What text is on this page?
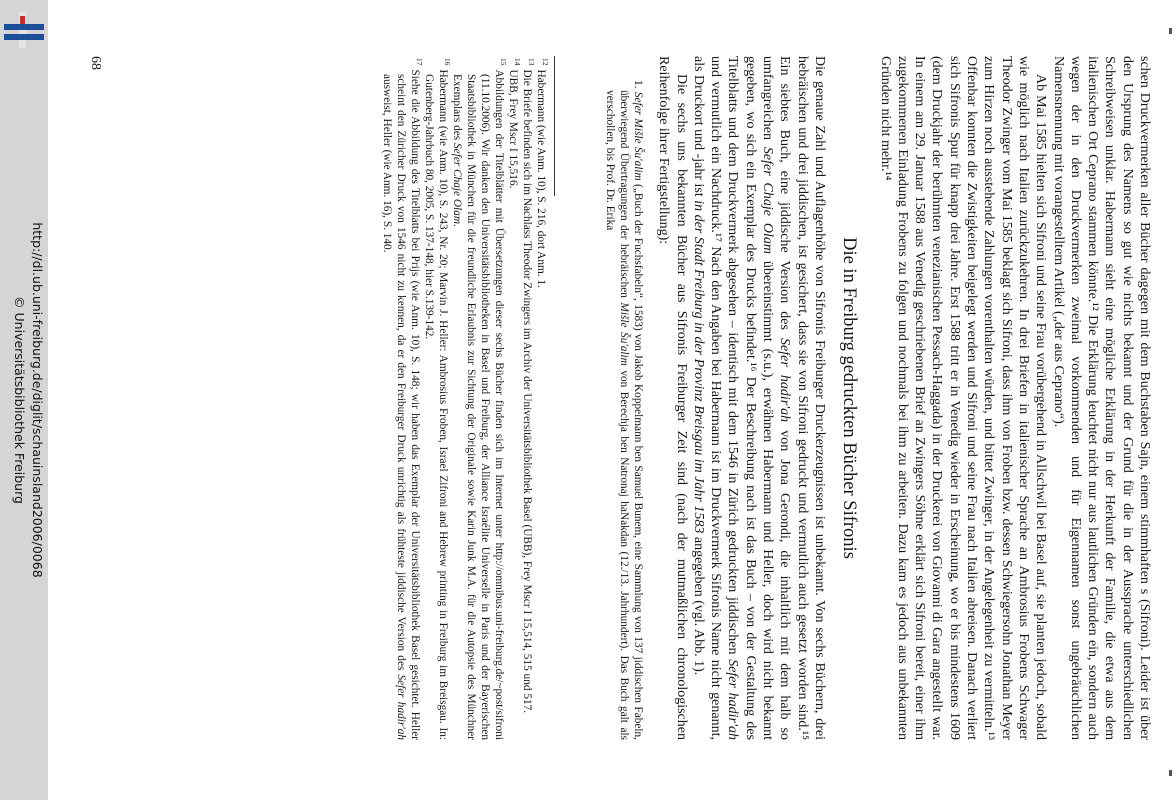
http://dl.ub.uni-freiburg.de/diglit/schauinsland2006/0068
© Universitätsbibliothek Freiburg	schen Druckvermerken aller Bücher dagegen mit dem Buchstaben Sajn, einem stimmhaften s (Sifroni). Leider ist über den Ursprung des Namens so gut wie nichts bekannt und der Grund für die in der Aussprache unterschiedlichen Schreibweisen unklar. Habermann sieht eine mögliche Erklärung in der Herkunft der Familie, die etwa aus dem italienischen Ort Ceprano stammen könnte.¹² Die Erklärung leuchtet nicht nur aus lautlichen Gründen ein, sondern auch wegen der in den Druckvermerken zweimal vorkommenden und für Eigennamen sonst ungebräuchlichen Namensnennung mit vorangestelltem Artikel („der aus Ceprano“).

Ab Mai 1585 hielten sich Sifroni und seine Frau vorübergehend in Allschwil bei Basel auf, sie planten jedoch, sobald wie möglich nach Italien zurückzukehren. In drei Briefen in italienischer Sprache an Ambrosius Frobens Schwager Theodor Zwinger vom Mai 1585 beklagt sich Sifroni, dass ihm von Froben bzw. dessen Schwiegersohn Jonathan Meyer zum Hirzen noch ausstehende Zahlungen vorenthalten würden, und bittet Zwinger, in der Angelegenheit zu vermitteln.¹³ Offenbar konnten die Zwistigkeiten beigelegt werden und Sifroni und seine Frau nach Italien abreisen. Danach verliert sich Sifronis Spur für knapp drei Jahre. Erst 1588 tritt er in Venedig wieder in Erscheinung, wo er bis mindestens 1609 (dem Druckjahr der berühmten venezianischen Pessach-Haggada) in der Druckerei von Giovanni di Gara angestellt war. In einem am 29. Januar 1588 aus Venedig geschriebenen Brief an Zwingers Söhne erklärt sich Sifroni bereit, einer ihm zugekommenen Einladung Frobens zu folgen und nochmals bei ihm zu arbeiten. Dazu kam es jedoch aus unbekannten Gründen nicht mehr.¹⁴

Die in Freiburg gedruckten Bücher Sifronis

Die genaue Zahl und Auflagenhöhe von Sifronis Freiburger Druckerzeugnissen ist unbekannt. Von sechs Büchern, drei hebräischen und drei jiddischen, ist gesichert, dass sie von Sifroni gedruckt und vermutlich auch gesetzt worden sind.¹⁵ Ein siebtes Buch, eine jiddische Version des Sefer hadir'ah von Jona Gerondi, die inhaltlich mit dem halb so umfangreichen Sefer Chaje Olam übereinstimmt (s.u.), erwähnen Habermann und Heller, doch wird nicht bekannt gegeben, wo sich ein Exemplar des Drucks befindet.¹⁶ Der Beschreibung nach ist das Buch – von der Gestaltung des Titelblatts und dem Druckvermerk abgesehen – identisch mit dem 1546 in Zürich gedruckten jiddischen Sefer hadir'ah und vermutlich ein Nachdruck.¹⁷ Nach den Angaben bei Habermann ist im Druckvermerk Sifronis Name nicht genannt, als Druckort und -jahr ist in der Stadt Freiburg in der Provinz Breisgau im Jahr 1583 angegeben (vgl. Abb. 1).

Die sechs uns bekannten Bücher aus Sifronis Freiburger Zeit sind (nach der mutmaßlichen chronologischen Reihenfolge ihrer Fertigstellung):

1. Sefer Mišle Šu'alim („Buch der Fuchsfabeln“, 1583) von Jakob Koppelmann ben Samuel Bunem, eine Sammlung von 137 jiddischen Fabeln, überwiegend Übertragungen der hebräischen Mišle Šu'alim von Berechja ben Natronaj haNakdan (12./13. Jahrhundert). Das Buch galt als verschollen, bis Prof. Dr. Erika

$^{12}$Habermann (wie Anm. 10), S. 216, dort Anm. 1.

$^{13}$Die Briefe befinden sich im Nachlass Theodor Zwingers im Archiv der Universitätsbibliothek Basel (UBB), Frey Mscr I 15,514, 515 und 517.

$^{14}$UBB, Frey Mscr I 15,516.

$^{15}$Abbildungen der Titelblätter mit Übersetzungen dieser sechs Bücher finden sich im Internet unter http://omnibus.uni-freiburg.de/~post/sifroni (11.10.2006). Wir danken den Universitätsbibliotheken in Basel und Freiburg, der Alliance Israélite Universelle in Paris und der Bayerischen Staatsbibliothek in München für die freundliche Erlaubnis zur Sichtung der Originale sowie Karin Junk M.A. für die Autopsie des Münchner Exemplars des Sefer Chaje Olam.

$^{16}$Habermann (wie Anm. 10), S. 243, Nr. 20; Marvin J. Heller: Ambrosius Froben, Israel Zifroni and Hebrew printing in Freiburg im Breisgau. In: Gutenberg-Jahrbuch 80, 2005, S. 137-148, hier S.139-142.

$^{17}$Siehe die Abbildung des Titelblatts bei Prijs (wie Anm. 10), S. 148; wir haben das Exemplar der Universitätsbibliothek Basel gesichtet. Heller scheint den Züricher Druck von 1546 nicht zu kennen, da er den Freiburger Druck unrichtig als frühteste jiddische Version des Sefer hadir'ah ausweist, Heller (wie Anm. 16), S. 140.

68
